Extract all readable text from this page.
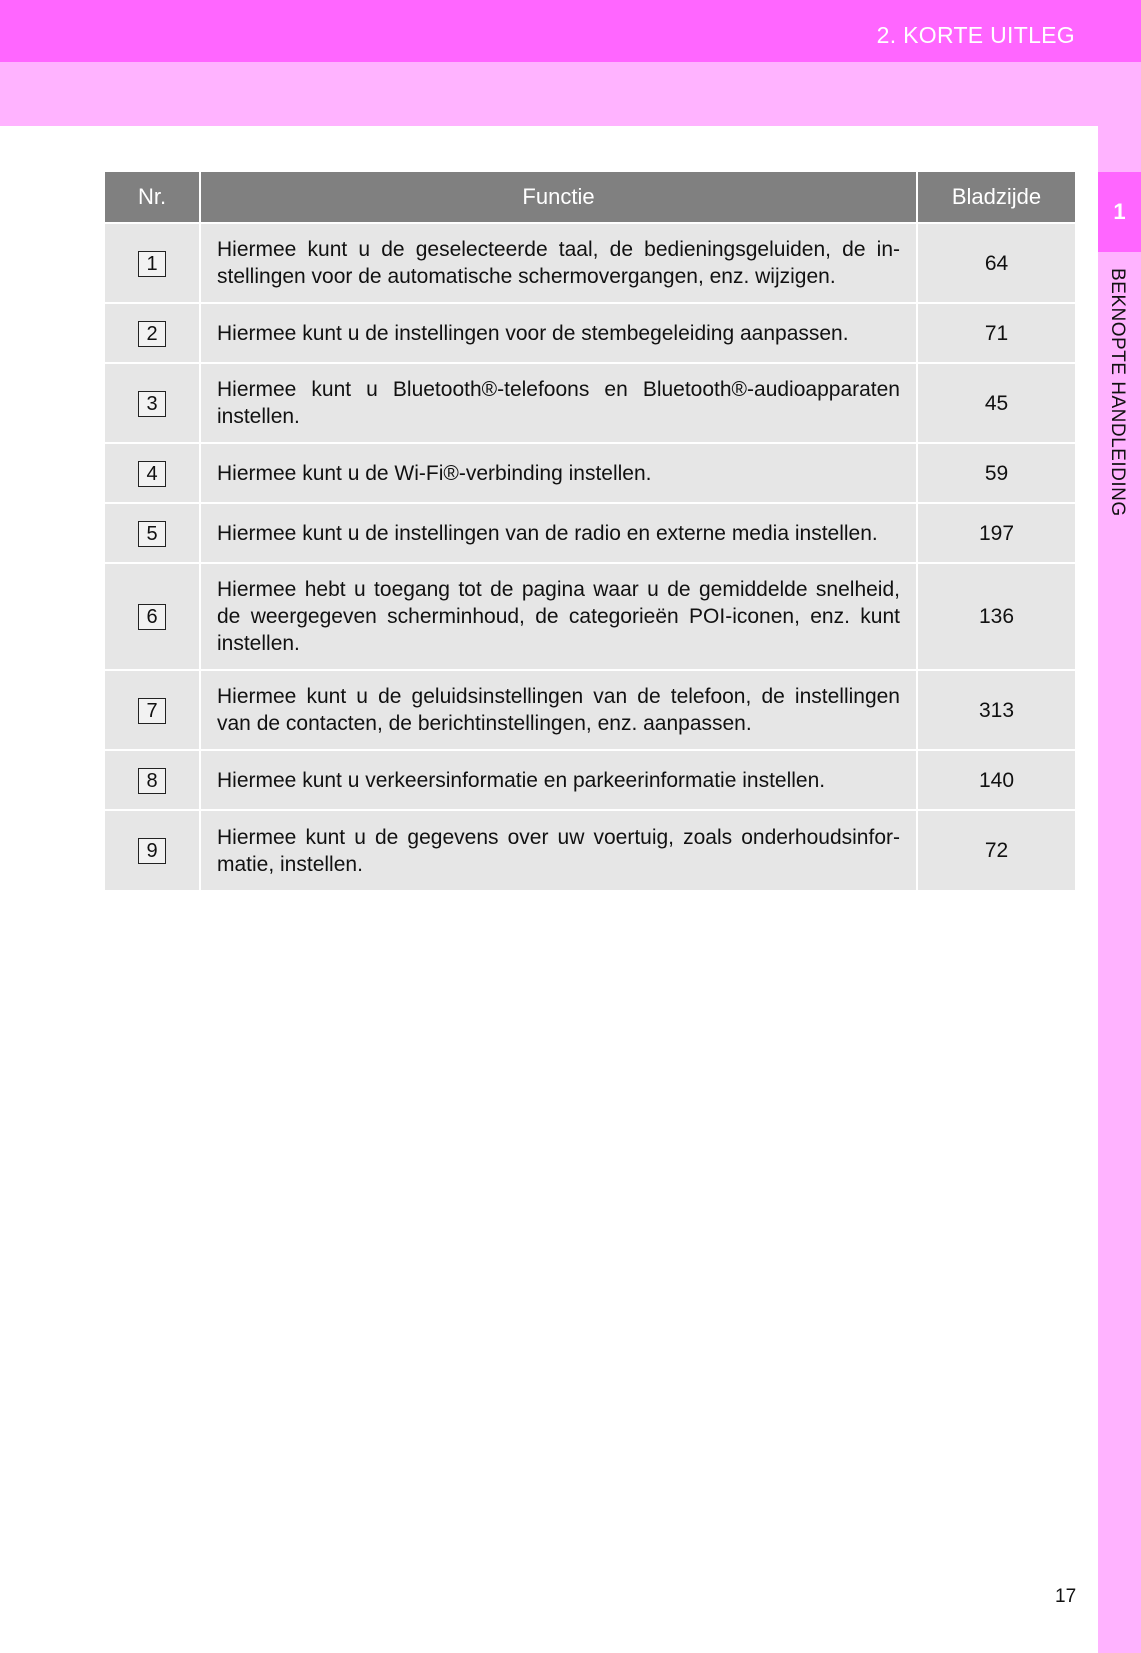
2. KORTE UITLEG
1
BEKNOPTE HANDLEIDING
Nr.	Functie	Bladzijde
1	Hiermee kunt u de geselecteerde taal, de bedieningsgeluiden, de in-stellingen voor de automatische schermovergangen, enz. wijzigen.	64
2	Hiermee kunt u de instellingen voor de stembegeleiding aanpassen.	71
3	Hiermee kunt u Bluetooth®-telefoons en Bluetooth®-audioapparaten instellen.	45
4	Hiermee kunt u de Wi-Fi®-verbinding instellen.	59
5	Hiermee kunt u de instellingen van de radio en externe media instellen.	197
6	Hiermee hebt u toegang tot de pagina waar u de gemiddelde snelheid, de weergegeven scherminhoud, de categorieën POI-iconen, enz. kunt instellen.	136
7	Hiermee kunt u de geluidsinstellingen van de telefoon, de instellingen van de contacten, de berichtinstellingen, enz. aanpassen.	313
8	Hiermee kunt u verkeersinformatie en parkeerinformatie instellen.	140
9	Hiermee kunt u de gegevens over uw voertuig, zoals onderhoudsinfor-matie, instellen.	72
17
